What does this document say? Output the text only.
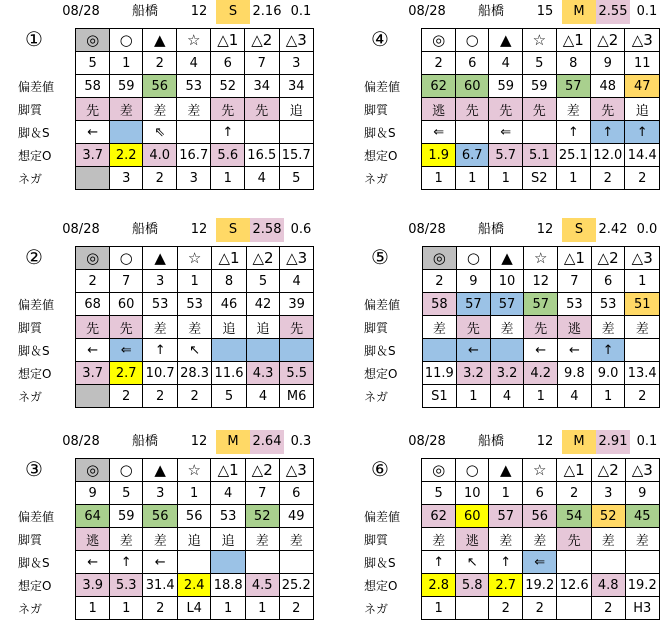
08/28	船橋	12	S	2.16 0.1
①
		◎	○	▲	☆	△1	△2	△3
	5	1	2	4	6	7	3
偏差値	58	59	56	53	52	34	34
脚質	先	差	差	差	先	先	追
脚＆S	←		⇖		↑		
想定O	3.7	2.2	4.0	16.7	5.6	16.5	15.7
ネガ		3	2	3	1	4	5
08/28	船橋	15	M	2.55 0.1
④
		◎	○	▲	☆	△1	△2	△3
	2	6	4	5	8	9	11
偏差値	62	60	59	59	57	48	47
脚質	逃	先	先	先	差	先	追
脚＆S	⇐		⇐		↑	↑	↑
想定O	1.9	6.7	5.7	5.1	25.1	12.0	14.4
ネガ	1	1	1	S2	1	2	2
08/28	船橋	12	S	2.58 0.6
②
		◎	○	▲	☆	△1	△2	△3
	2	7	3	1	8	5	4
偏差値	68	60	53	53	46	42	39
脚質	先	先	差	差	追	追	先
脚＆S	←	⇐	↑	↖			
想定O	3.7	2.7	10.7	28.3	11.6	4.3	5.5
ネガ		2	2	2	5	4	M6
08/28	船橋	12	S	2.42 0.0
⑤
		◎	○	▲	☆	△1	△2	△3
	2	9	10	12	7	6	1
偏差値	58	57	57	57	53	53	51
脚質	差	先	差	先	逃	差	差
脚＆S		←		←	←	↑	
想定O	11.9	3.2	3.2	4.2	9.8	9.0	13.4
ネガ	S1	1	4	1	4	1	2
08/28	船橋	12	M	2.64 0.3
③
		◎	○	▲	☆	△1	△2	△3
	9	5	3	1	4	7	6
偏差値	64	59	56	56	53	52	49
脚質	逃	差	差	追	追	差	差
脚＆S	←	↑	←				
想定O	3.9	5.3	31.4	2.4	18.8	4.5	25.2
ネガ	1	1	2	L4	1	1	2
08/28	船橋	12	M	2.91 0.1
⑥
		◎	○	▲	☆	△1	△2	△3
	5	10	1	6	2	3	9
偏差値	62	60	57	56	54	52	45
脚質	差	逃	差	差	先	差	差
脚＆S	↑	↖	↑	⇐			
想定O	2.8	5.8	2.7	19.2	12.6	4.8	19.2
ネガ	1		2	2		2	H3
